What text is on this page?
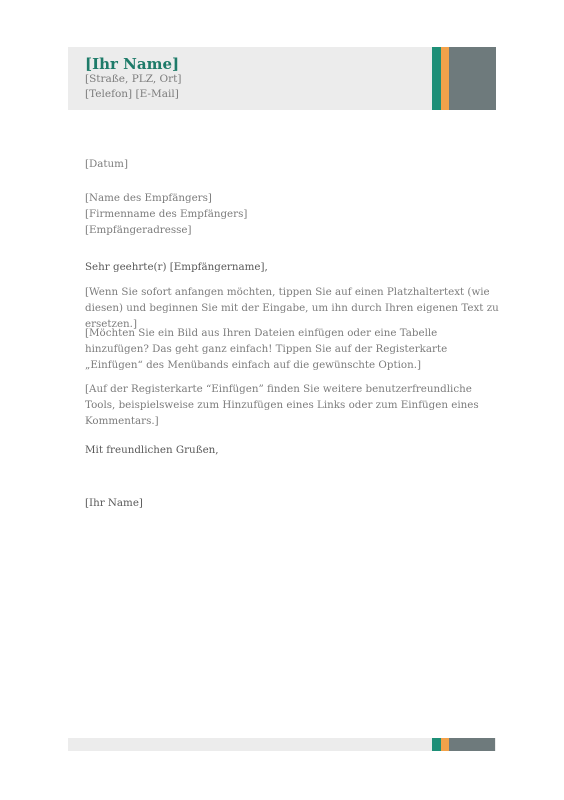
[Ihr Name]
[Straße, PLZ, Ort]
[Telefon] [E-Mail]
[Datum]
[Name des Empfängers]
[Firmenname des Empfängers]
[Empfängeradresse]
Sehr geehrte(r) [Empfängername],
[Wenn Sie sofort anfangen möchten, tippen Sie auf einen Platzhaltertext (wie diesen) und beginnen Sie mit der Eingabe, um ihn durch Ihren eigenen Text zu ersetzen.]
[Möchten Sie ein Bild aus Ihren Dateien einfügen oder eine Tabelle hinzufügen? Das geht ganz einfach! Tippen Sie auf der Registerkarte „Einfügen“ des Menübands einfach auf die gewünschte Option.]
[Auf der Registerkarte “Einfügen” finden Sie weitere benutzerfreundliche Tools, beispielsweise zum Hinzufügen eines Links oder zum Einfügen eines Kommentars.]
Mit freundlichen Grußen,
[Ihr Name]
